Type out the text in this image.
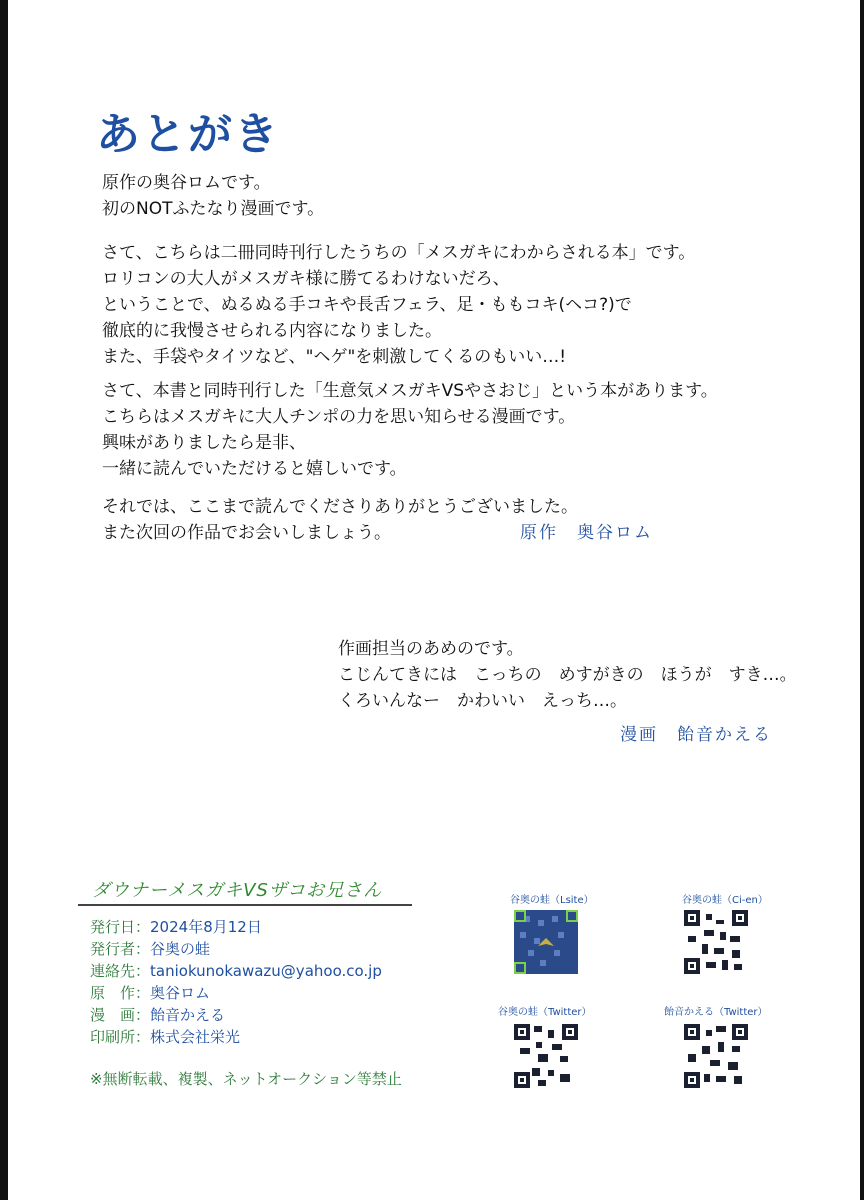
あとがき
原作の奥谷ロムです。
初のNOTふたなり漫画です。
さて、こちらは二冊同時刊行したうちの「メスガキにわからされる本」です。
ロリコンの大人がメスガキ様に勝てるわけないだろ、
ということで、ぬるぬる手コキや長舌フェラ、足・ももコキ(ヘコ?)で
徹底的に我慢させられる内容になりました。
また、手袋やタイツなど、"ヘゲ"を刺激してくるのもいい…!
さて、本書と同時刊行した「生意気メスガキVSやさおじ」という本があります。
こちらはメスガキに大人チンポの力を思い知らせる漫画です。
興味がありましたら是非、
一緒に読んでいただけると嬉しいです。
それでは、ここまで読んでくださりありがとうございました。
また次回の作品でお会いしましょう。	原作　奥谷ロム
作画担当のあめのです。
こじんてきには　こっちの　めすがきの　ほうが　すき…。
くろいんなー　かわいい　えっち…。
漫画　飴音かえる
ダウナーメスガキVSザコお兄さん
発行日：2024年8月12日
発行者：谷奥の蛙
連絡先：taniokunokawazu@yahoo.co.jp
原　作：奥谷ロム
漫　画：飴音かえる
印刷所：株式会社栄光
※無断転載、複製、ネットオークション等禁止
谷奥の蛙（Lsite）	谷奥の蛙（Ci-en）
谷奥の蛙（Twitter）	飴音かえる（Twitter）
